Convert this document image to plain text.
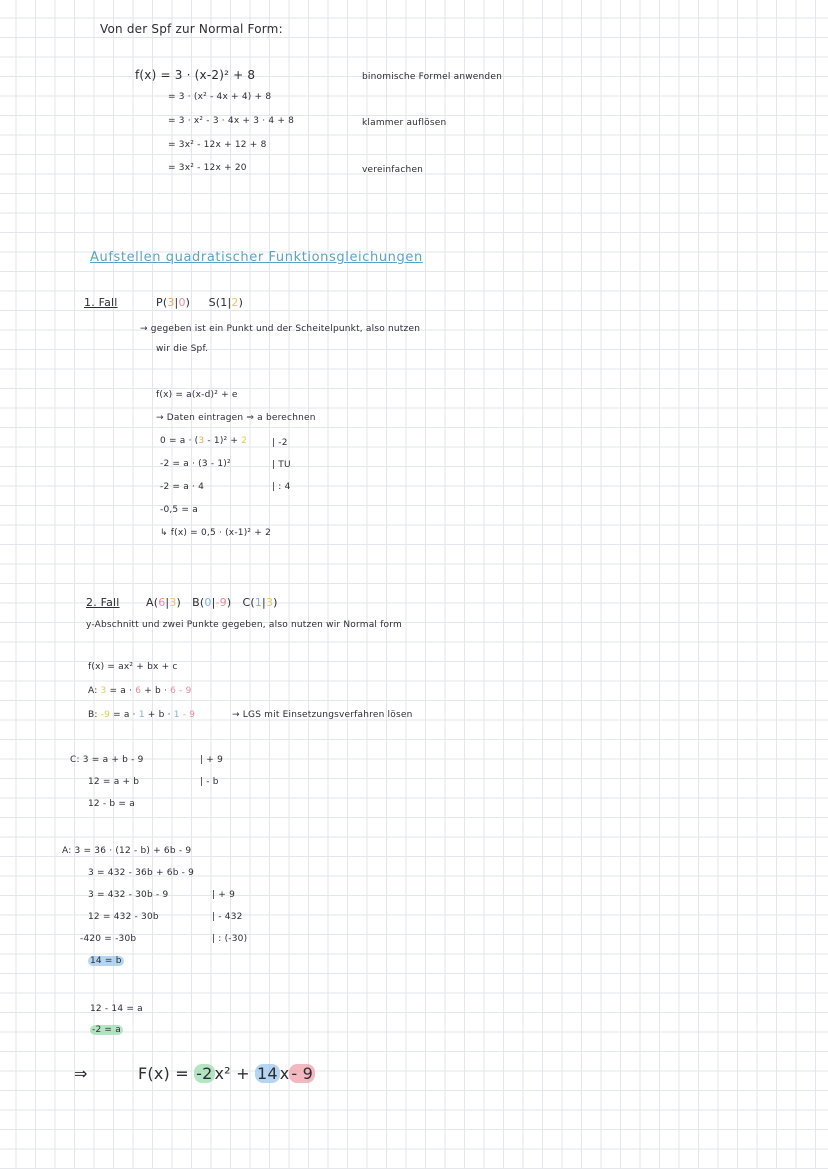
Von der Spf zur Normal Form:
f(x) = 3 · (x-2)² + 8
= 3 · (x² - 4x + 4) + 8
= 3 · x² - 3 · 4x + 3 · 4 + 8
= 3x² - 12x + 12 + 8
= 3x² - 12x + 20
binomische Formel anwenden
klammer auflösen
vereinfachen
Aufstellen quadratischer Funktionsgleichungen
1. Fall	P(3|0) S(1|2)
→ gegeben ist ein Punkt und der Scheitelpunkt, also nutzen
wir die Spf.
f(x) = a(x-d)² + e
→ Daten eintragen ⇒ a berechnen
0 = a · (3 - 1)² + 2
-2 = a · (3 - 1)²
-2 = a · 4
-0,5 = a
↳ f(x) = 0,5 · (x-1)² + 2
| -2
| TU
| : 4
2. Fall A(6|3) B(0|-9) C(1|3)
y-Abschnitt und zwei Punkte gegeben, also nutzen wir Normal form
f(x) = ax² + bx + c
A: 3 = a · 6 + b · 6 - 9
B: -9 = a · 1 + b · 1 - 9	→ LGS mit Einsetzungsverfahren lösen
C: 3 = a + b - 9
12 = a + b
12 - b = a
| + 9
| - b
A: 3 = 36 · (12 - b) + 6b - 9
3 = 432 - 36b + 6b - 9
3 = 432 - 30b - 9
12 = 432 - 30b
-420 = -30b
14 = b
| + 9
| - 432
| : (-30)
12 - 14 = a
-2 = a
⇒	F(x) = -2 x² + 14 x - 9
